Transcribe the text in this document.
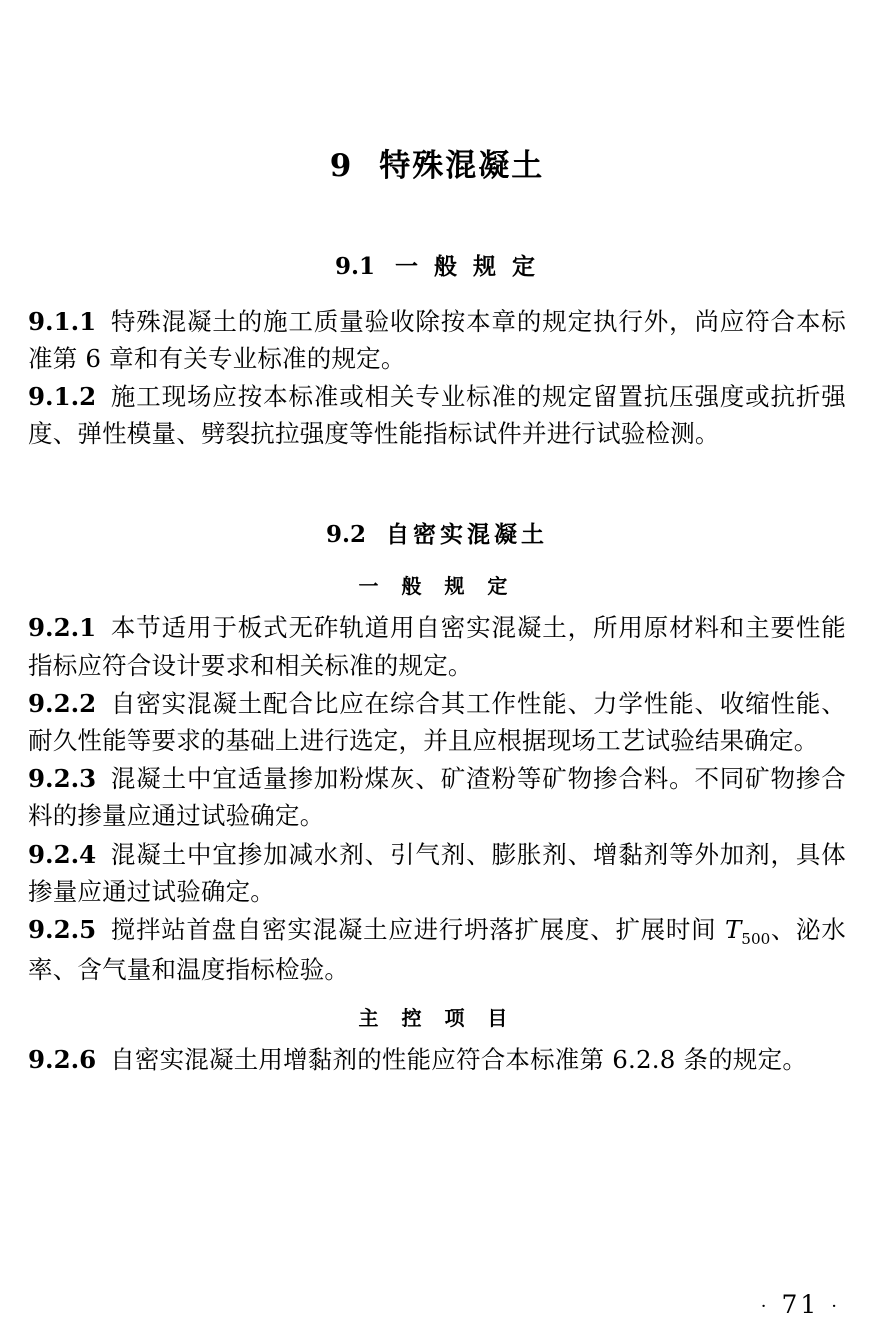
9 特殊混凝土
9.1 一 般 规 定

9.1.1 特殊混凝土的施工质量验收除按本章的规定执行外，尚应符合本标准第 6 章和有关专业标准的规定。

9.1.2 施工现场应按本标准或相关专业标准的规定留置抗压强度或抗折强度、弹性模量、劈裂抗拉强度等性能指标试件并进行试验检测。

9.2 自密实混凝土
一 般 规 定

9.2.1 本节适用于板式无砟轨道用自密实混凝土，所用原材料和主要性能指标应符合设计要求和相关标准的规定。

9.2.2 自密实混凝土配合比应在综合其工作性能、力学性能、收缩性能、耐久性能等要求的基础上进行选定，并且应根据现场工艺试验结果确定。

9.2.3 混凝土中宜适量掺加粉煤灰、矿渣粉等矿物掺合料。不同矿物掺合料的掺量应通过试验确定。

9.2.4 混凝土中宜掺加减水剂、引气剂、膨胀剂、增黏剂等外加剂，具体掺量应通过试验确定。

9.2.5 搅拌站首盘自密实混凝土应进行坍落扩展度、扩展时间 $T_{500}$、泌水率、含气量和温度指标检验。

主 控 项 目

9.2.6 自密实混凝土用增黏剂的性能应符合本标准第 6.2.8 条的规定。

· 71 ·
